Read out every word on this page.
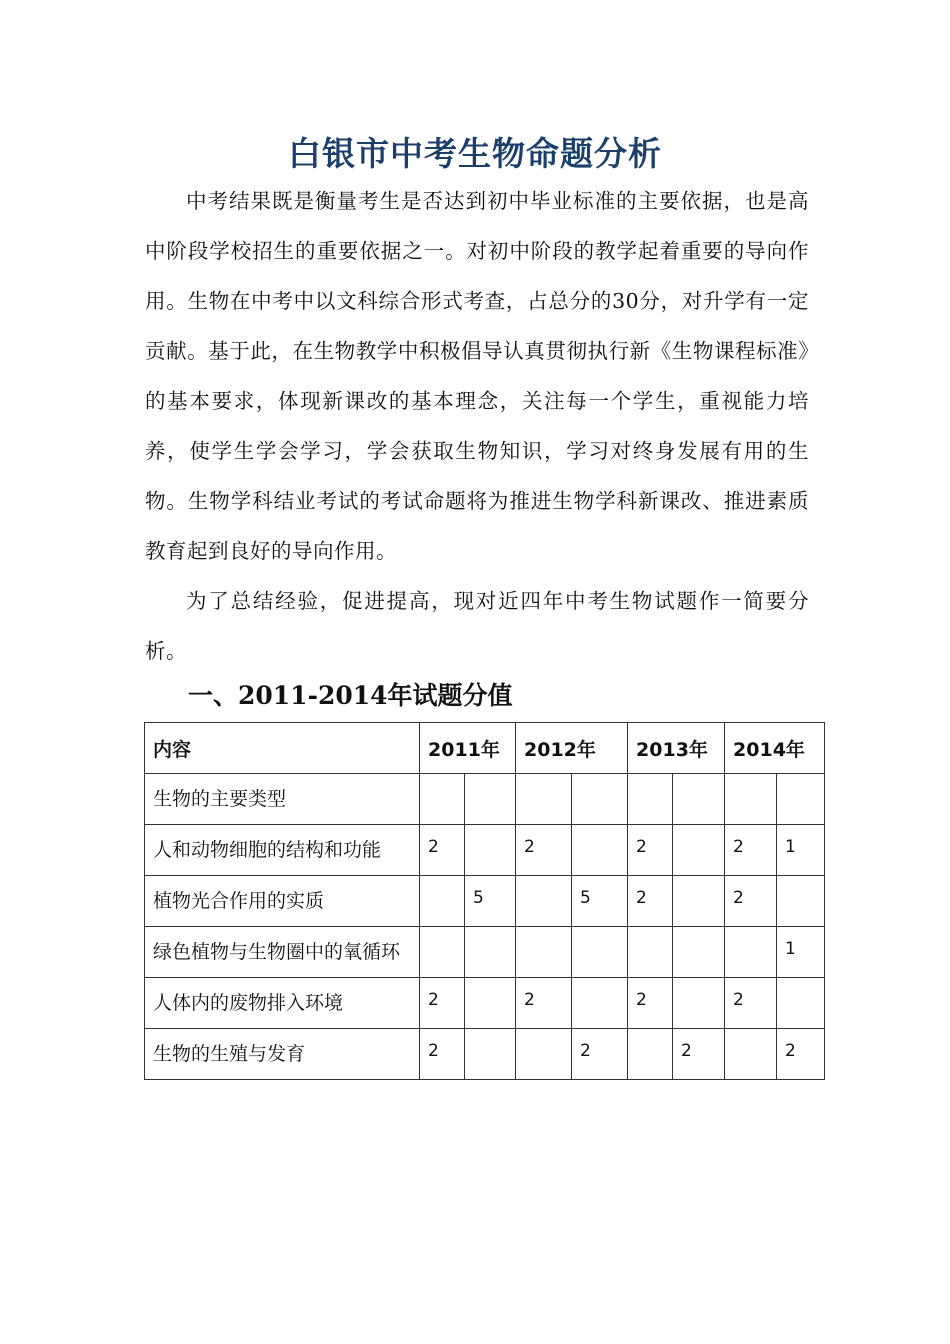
白银市中考生物命题分析

中考结果既是衡量考生是否达到初中毕业标准的主要依据，也是高中阶段学校招生的重要依据之一。对初中阶段的教学起着重要的导向作用。生物在中考中以文科综合形式考查，占总分的30分，对升学有一定贡献。基于此，在生物教学中积极倡导认真贯彻执行新《生物课程标准》的基本要求，体现新课改的基本理念，关注每一个学生，重视能力培养，使学生学会学习，学会获取生物知识，学习对终身发展有用的生物。生物学科结业考试的考试命题将为推进生物学科新课改、推进素质教育起到良好的导向作用。

为了总结经验，促进提高，现对近四年中考生物试题作一简要分析。

一、2011-2014年试题分值
内容	2011年		2012年		2013年		2014年	
生物的主要类型								
人和动物细胞的结构和功能	2		2		2		2	1
植物光合作用的实质		5		5	2		2	
绿色植物与生物圈中的氧循环								1
人体内的废物排入环境	2		2		2		2	
生物的生殖与发育	2			2		2		2
